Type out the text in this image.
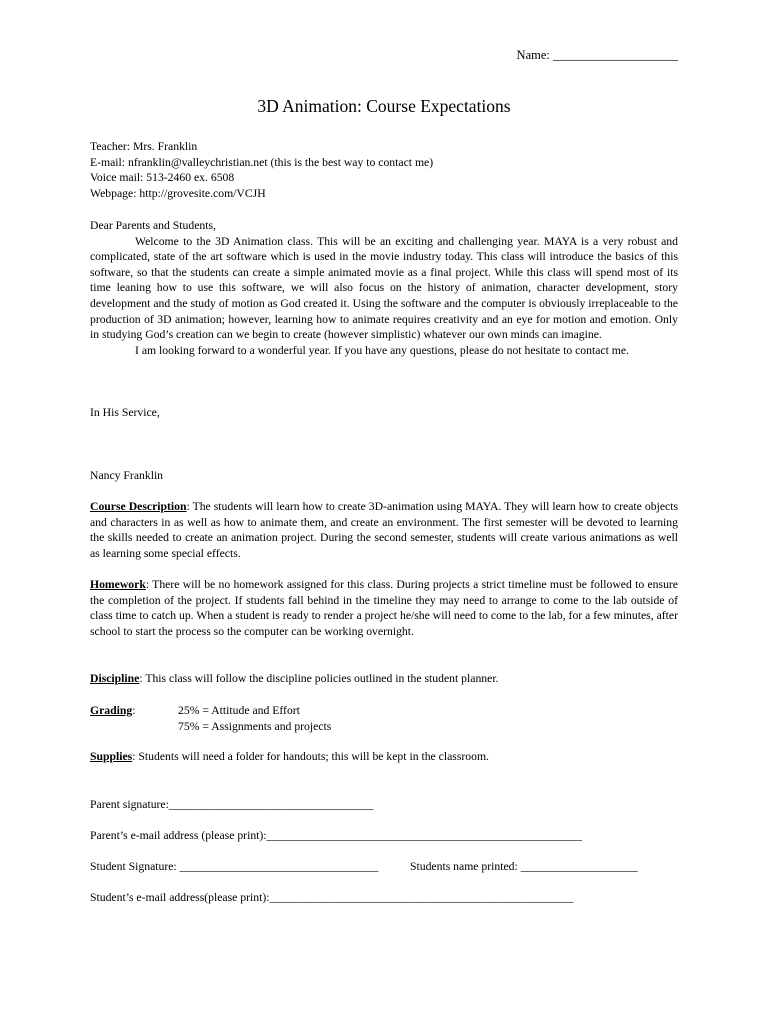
Name: ____________________
3D Animation: Course Expectations

Teacher: Mrs. Franklin

E-mail: nfranklin@valleychristian.net (this is the best way to contact me)

Voice mail: 513-2460 ex. 6508

Webpage: http://grovesite.com/VCJH

Dear Parents and Students,

Welcome to the 3D Animation class. This will be an exciting and challenging year. MAYA is a very robust and complicated, state of the art software which is used in the movie industry today. This class will introduce the basics of this software, so that the students can create a simple animated movie as a final project. While this class will spend most of its time leaning how to use this software, we will also focus on the history of animation, character development, story development and the study of motion as God created it. Using the software and the computer is obviously irreplaceable to the production of 3D animation; however, learning how to animate requires creativity and an eye for motion and emotion. Only in studying God’s creation can we begin to create (however simplistic) whatever our own minds can imagine.

I am looking forward to a wonderful year. If you have any questions, please do not hesitate to contact me.

In His Service,
Nancy Franklin
Course Description: The students will learn how to create 3D-animation using MAYA. They will learn how to create objects and characters in as well as how to animate them, and create an environment. The first semester will be devoted to learning the skills needed to create an animation project. During the second semester, students will create various animations as well as learning some special effects.
Homework: There will be no homework assigned for this class. During projects a strict timeline must be followed to ensure the completion of the project. If students fall behind in the timeline they may need to arrange to come to the lab outside of class time to catch up. When a student is ready to render a project he/she will need to come to the lab, for a few minutes, after school to start the process so the computer can be working overnight.
Discipline: This class will follow the discipline policies outlined in the student planner.

Grading:	25% = Attitude and Effort

75% = Assignments and projects

Supplies: Students will need a folder for handouts; this will be kept in the classroom.
Parent signature:___________________________________
Parent’s e-mail address (please print):______________________________________________________
Student Signature: __________________________________	Students name printed: ____________________
Student’s e-mail address(please print):____________________________________________________
